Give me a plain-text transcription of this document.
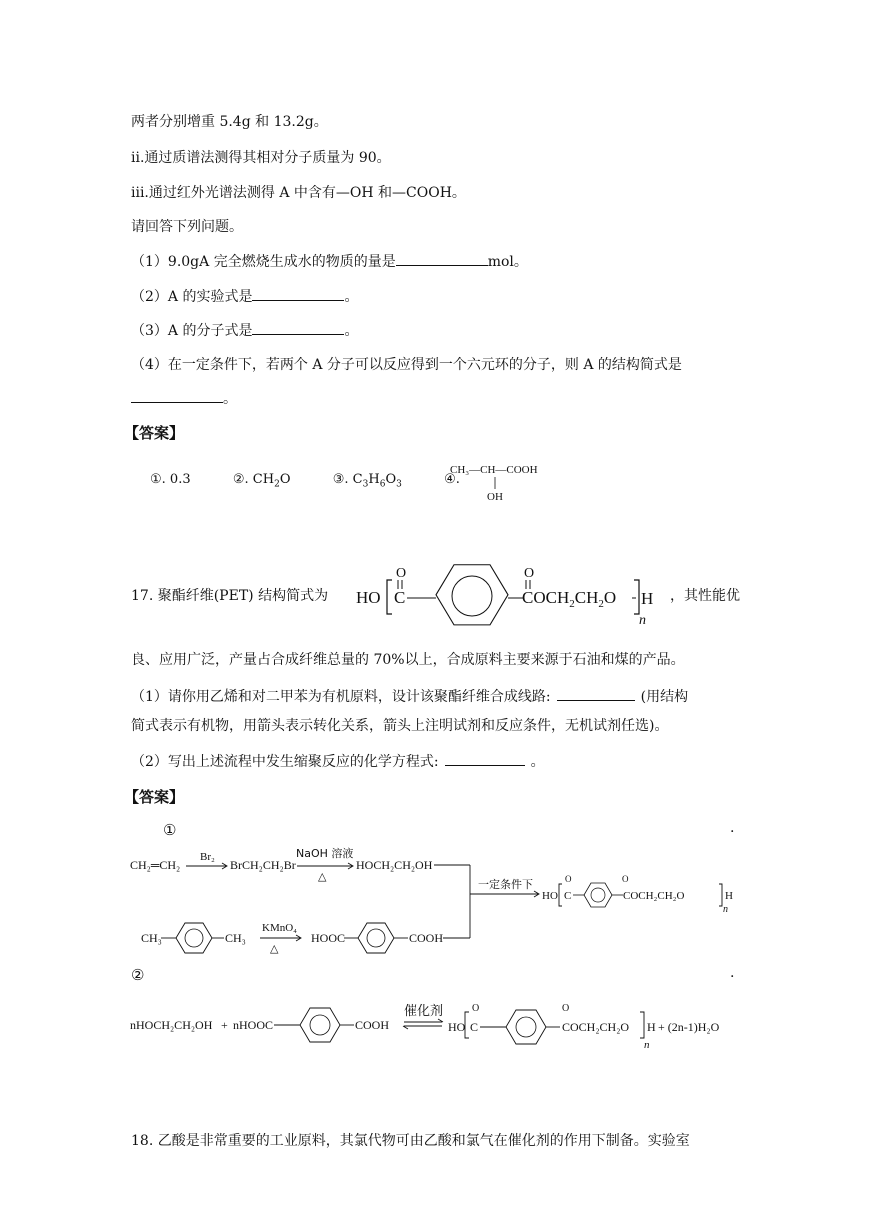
两者分别增重 5.4g 和 13.2g。
ii.通过质谱法测得其相对分子质量为 90。
iii.通过红外光谱法测得 A 中含有—OH 和—COOH。
请回答下列问题。
（1）9.0gA 完全燃烧生成水的物质的量是	mol。
（2）A 的实验式是	。
（3）A 的分子式是	。
（4）在一定条件下，若两个 A 分子可以反应得到一个六元环的分子，则 A 的结构简式是
。
【答案】
①. 0.3	②. $CH_2O$	③. $C_3H_6O_3$	④.
CH₃—CH—COOH
OH
17. 聚酯纤维(PET) 结构简式为 HO
O
C
O
$COCH_2CH_2O$ H
n
，其性能优
良、应用广泛，产量占合成纤维总量的 70%以上，合成原料主要来源于石油和煤的产品。
（1）请你用乙烯和对二甲苯为有机原料，设计该聚酯纤维合成线路:	(用结构
简式表示有机物，用箭头表示转化关系，箭头上注明试剂和反应条件，无机试剂任选)。
（2）写出上述流程中发生缩聚反应的化学方程式:	。
【答案】
①	.
CH₂═CH₂
Br₂
BrCH₂CH₂Br
NaOH 溶液
△
HOCH₂CH₂OH
一定条件下
CH₃	CH₃
KMnO₄
△
HOOC	COOH
HO
O
C
O
COCH₂CH₂O	H
n
②	.
nHOCH₂CH₂OH + nHOOC	COOH
催化剂
HO
O
C
O
COCH₂CH₂O H
n
+ (2n-1)H₂O
18. 乙酸是非常重要的工业原料，其氯代物可由乙酸和氯气在催化剂的作用下制备。实验室
